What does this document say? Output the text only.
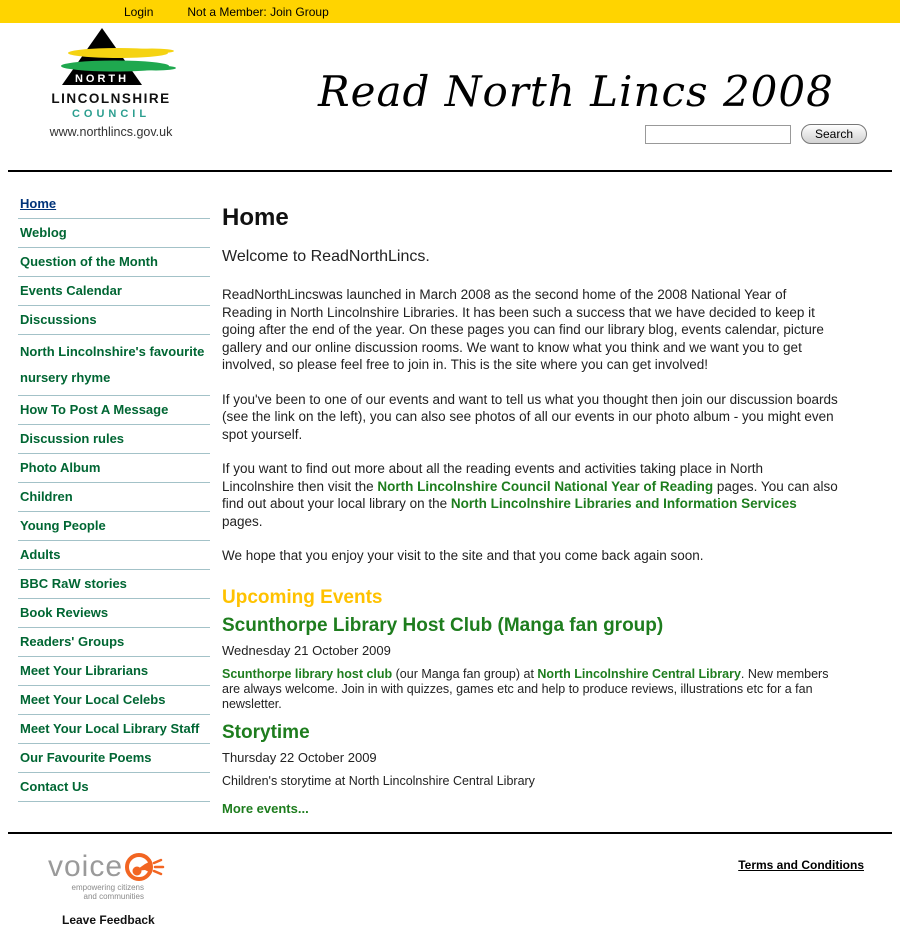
Login	Not a Member: Join Group
NORTH
LINCOLNSHIRE
COUNCIL
www.northlincs.gov.uk
Read North Lincs 2008
Search
Home
Weblog
Question of the Month
Events Calendar
Discussions
North Lincolnshire's favourite nursery rhyme
How To Post A Message
Discussion rules
Photo Album
Children
Young People
Adults
BBC RaW stories
Book Reviews
Readers' Groups
Meet Your Librarians
Meet Your Local Celebs
Meet Your Local Library Staff
Our Favourite Poems
Contact Us
Home

Welcome to ReadNorthLincs.

ReadNorthLincswas launched in March 2008 as the second home of the 2008 National Year of Reading in North Lincolnshire Libraries. It has been such a success that we have decided to keep it going after the end of the year. On these pages you can find our library blog, events calendar, picture gallery and our online discussion rooms. We want to know what you think and we want you to get involved, so please feel free to join in. This is the site where you can get involved!

If you've been to one of our events and want to tell us what you thought then join our discussion boards (see the link on the left), you can also see photos of all our events in our photo album - you might even spot yourself.

If you want to find out more about all the reading events and activities taking place in North Lincolnshire then visit the North Lincolnshire Council National Year of Reading pages. You can also find out about your local library on the North Lincolnshire Libraries and Information Services pages.

We hope that you enjoy your visit to the site and that you come back again soon.

Upcoming Events
Scunthorpe Library Host Club (Manga fan group)
Wednesday 21 October 2009

Scunthorpe library host club (our Manga fan group) at North Lincolnshire Central Library. New members are always welcome. Join in with quizzes, games etc and help to produce reviews, illustrations etc for a fan newsletter.

Storytime
Thursday 22 October 2009

Children's storytime at North Lincolnshire Central Library

More events...
voice
empowering citizens
and communities
Leave Feedback
Terms and Conditions
